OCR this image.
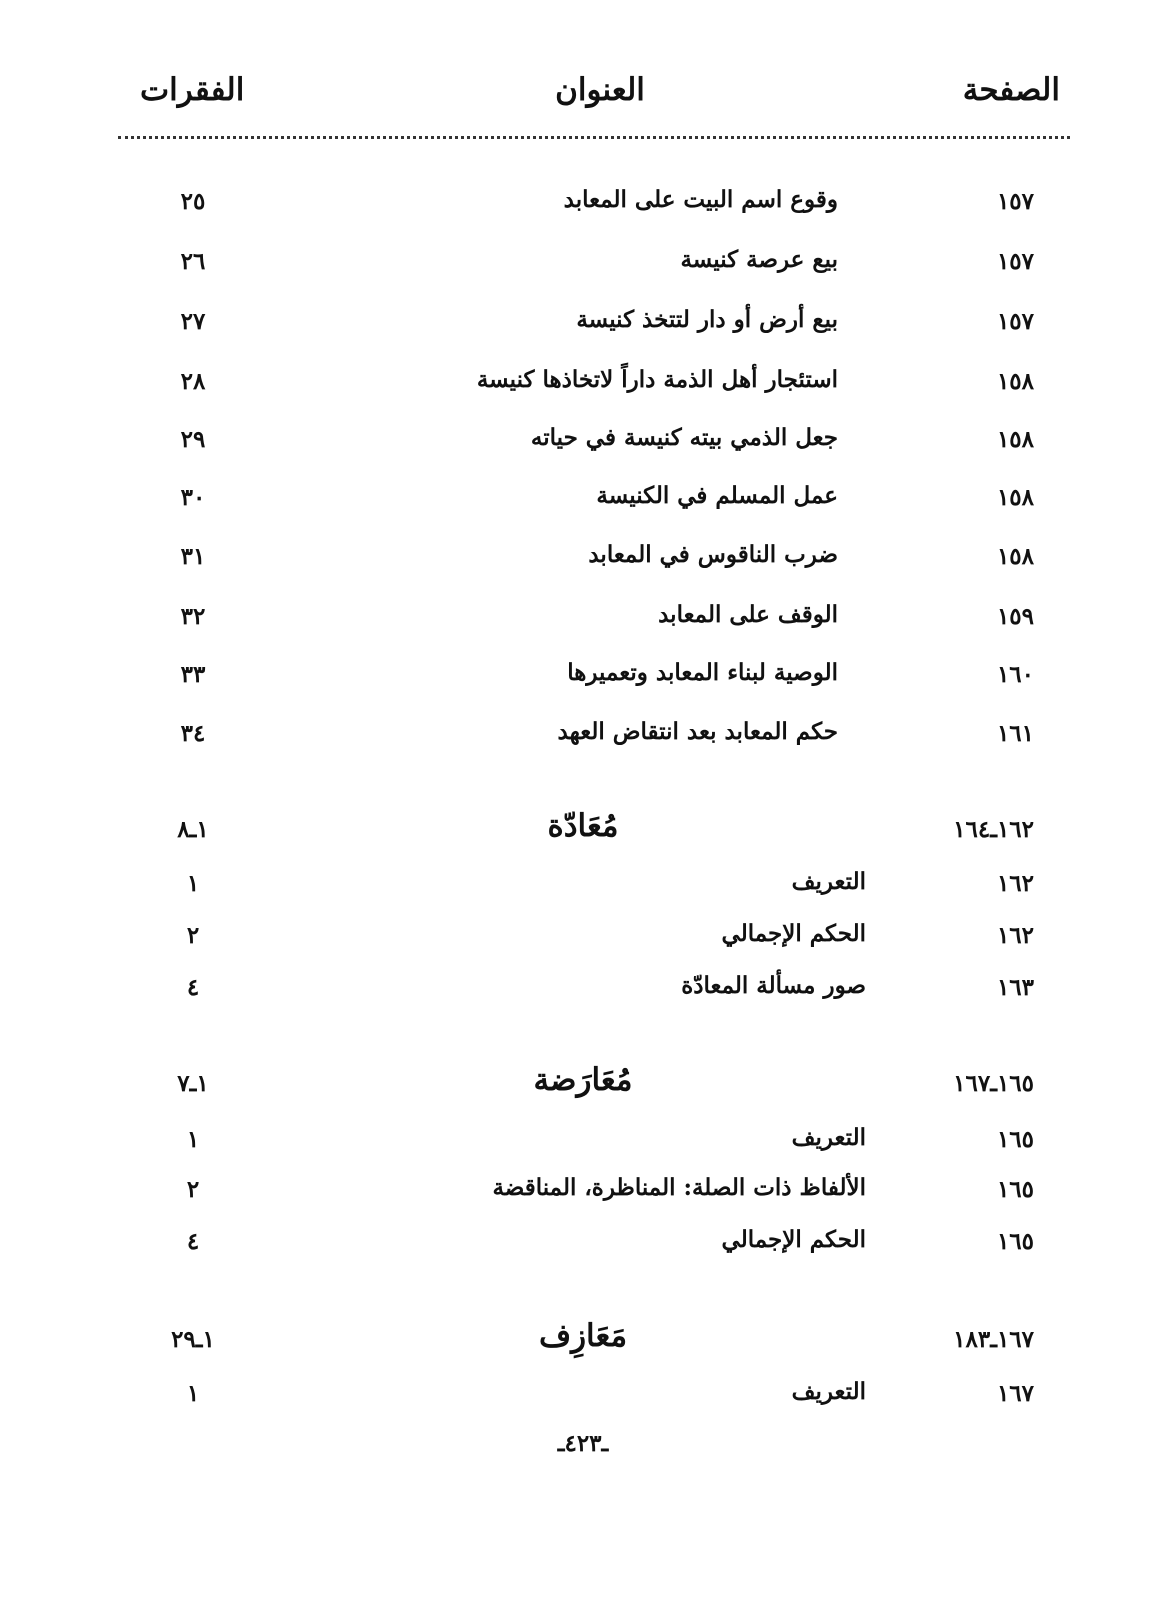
الصفحة
العنوان
الفقرات
١٥٧
وقوع اسم البيت على المعابد
٢٥
١٥٧
بيع عرصة كنيسة
٢٦
١٥٧
بيع أرض أو دار لتتخذ كنيسة
٢٧
١٥٨
استئجار أهل الذمة داراً لاتخاذها كنيسة
٢٨
١٥٨
جعل الذمي بيته كنيسة في حياته
٢٩
١٥٨
عمل المسلم في الكنيسة
٣٠
١٥٨
ضرب الناقوس في المعابد
٣١
١٥٩
الوقف على المعابد
٣٢
١٦٠
الوصية لبناء المعابد وتعميرها
٣٣
١٦١
حكم المعابد بعد انتقاض العهد
٣٤
١٦٢ـ١٦٤
مُعَادّة
١ـ٨
١٦٢
التعريف
١
١٦٢
الحكم الإجمالي
٢
١٦٣
صور مسألة المعادّة
٤
١٦٥ـ١٦٧
مُعَارَضة
١ـ٧
١٦٥
التعريف
١
١٦٥
الألفاظ ذات الصلة: المناظرة، المناقضة
٢
١٦٥
الحكم الإجمالي
٤
١٦٧ـ١٨٣
مَعَازِف
١ـ٢٩
١٦٧
التعريف
١
ـ٤٢٣ـ
